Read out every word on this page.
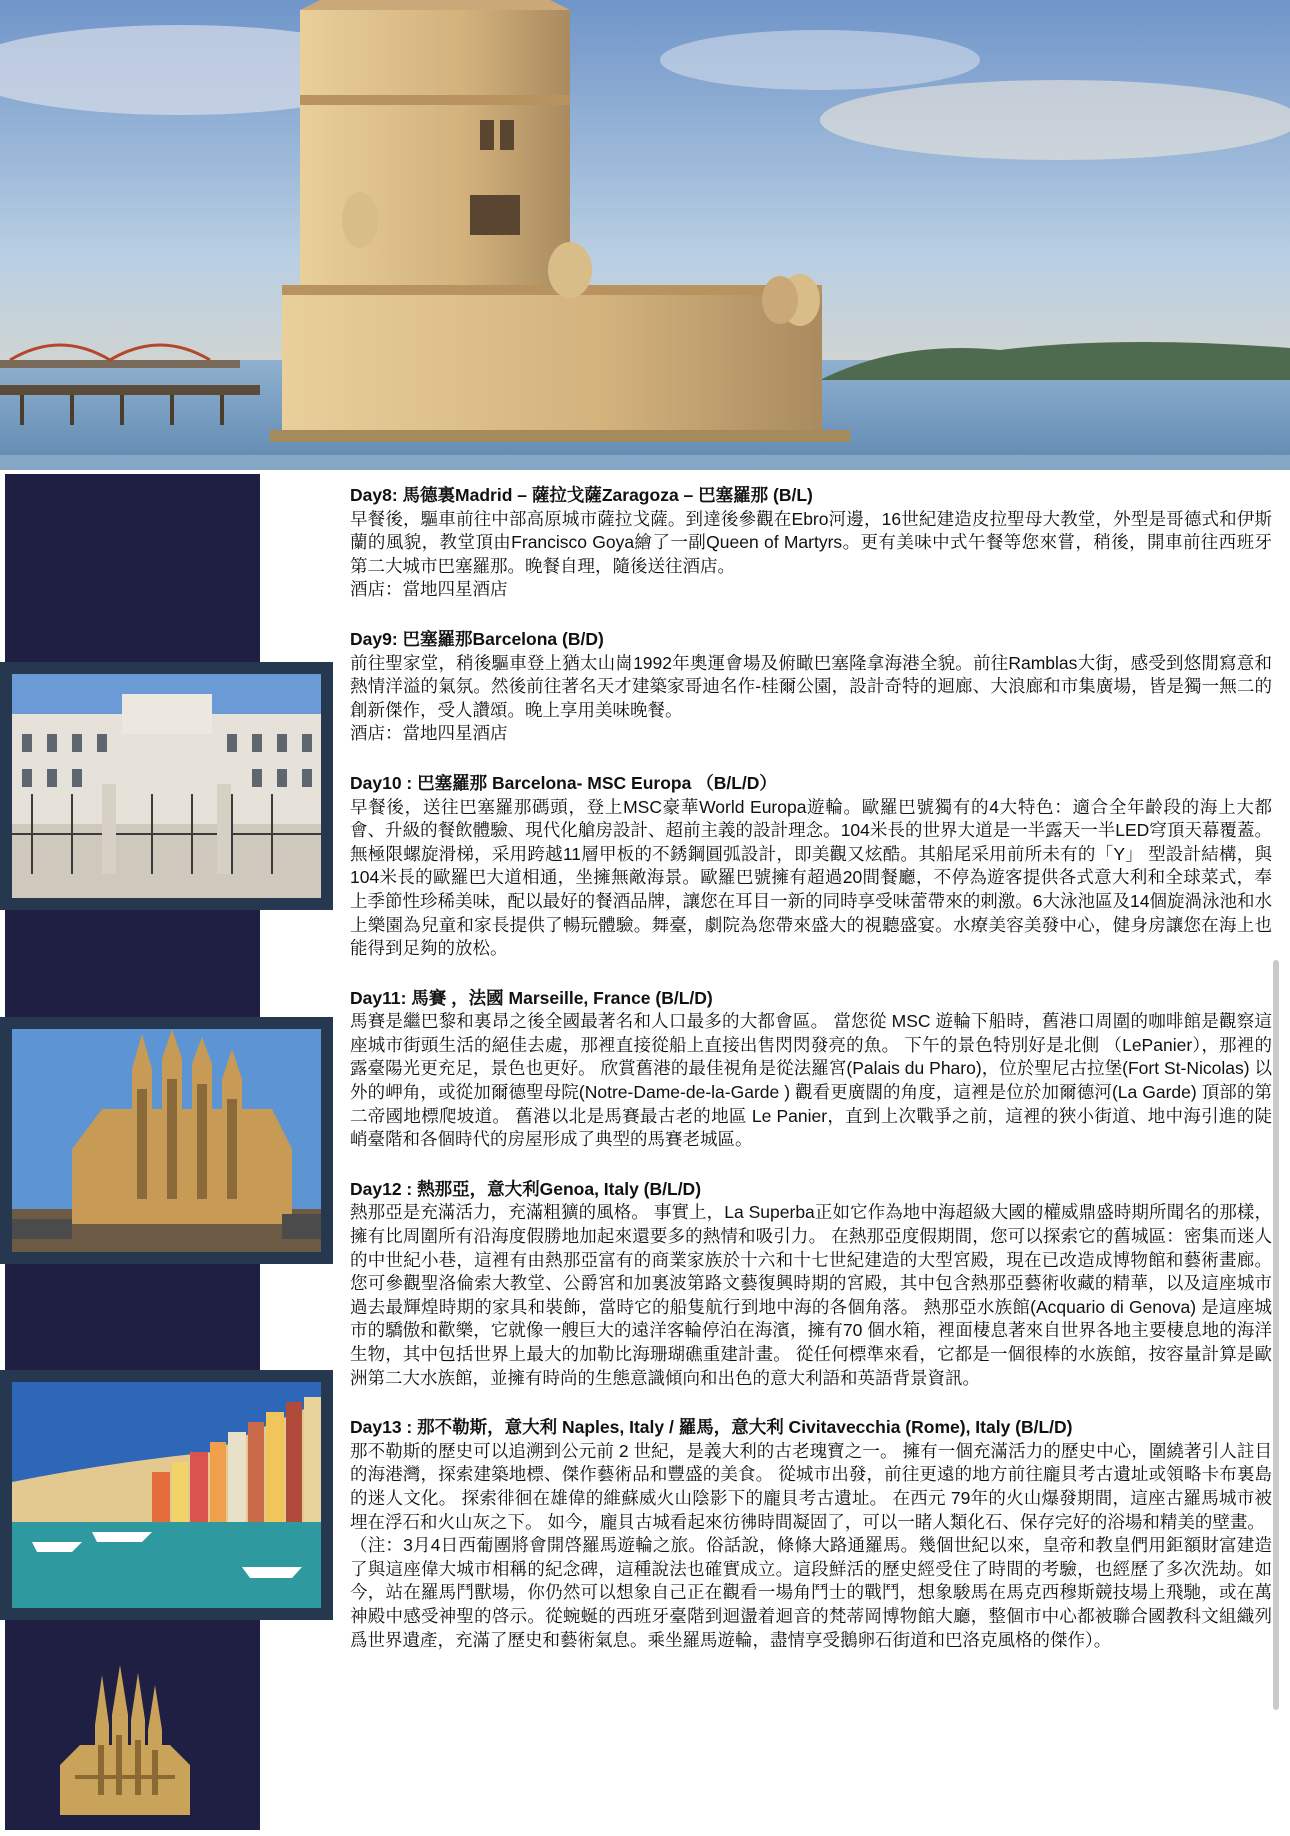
Day8: 馬德裏Madrid – 薩拉戈薩Zaragoza – 巴塞羅那 (B/L)

早餐後，驅車前往中部高原城市薩拉戈薩。到達後參觀在Ebro河邊，16世紀建造皮拉聖母大教堂，外型是哥德式和伊斯蘭的風貌，教堂頂由Francisco Goya繪了一副Queen of Martyrs。更有美味中式午餐等您來嘗，稍後，開車前往西班牙第二大城市巴塞羅那。晚餐自理，隨後送往酒店。

酒店：當地四星酒店

Day9: 巴塞羅那Barcelona (B/D)

前往聖家堂，稍後驅車登上猶太山崗1992年奧運會場及俯瞰巴塞隆拿海港全貌。前往Ramblas大街，感受到悠閒寫意和熱情洋溢的氣氛。然後前往著名天才建築家哥迪名作-桂爾公園，設計奇特的迴廊、大浪廊和市集廣場，皆是獨一無二的創新傑作，受人讚頌。晚上享用美味晚餐。

酒店：當地四星酒店

Day10 : 巴塞羅那 Barcelona- MSC Europa （B/L/D）

早餐後，送往巴塞羅那碼頭，登上MSC豪華World Europa遊輪。歐羅巴號獨有的4大特色：適合全年齡段的海上大都會、升級的餐飲體驗、現代化艙房設計、超前主義的設計理念。104米長的世界大道是一半露天一半LED穹頂天幕覆蓋。無極限螺旋滑梯，采用跨越11層甲板的不銹鋼圓弧設計，即美觀又炫酷。其船尾采用前所未有的「Y」 型設計結構，與104米長的歐羅巴大道相通，坐擁無敵海景。歐羅巴號擁有超過20間餐廳，不停為遊客提供各式意大利和全球菜式，奉上季節性珍稀美味，配以最好的餐酒品牌，讓您在耳目一新的同時享受味蕾帶來的刺激。6大泳池區及14個旋渦泳池和水上樂園為兒童和家長提供了暢玩體驗。舞臺，劇院為您帶來盛大的視聽盛宴。水療美容美發中心，健身房讓您在海上也能得到足夠的放松。

Day11: 馬賽 ，法國 Marseille, France (B/L/D)

馬賽是繼巴黎和裏昂之後全國最著名和人口最多的大都會區。 當您從 MSC 遊輪下船時，舊港口周圍的咖啡館是觀察這座城市街頭生活的絕佳去處，那裡直接從船上直接出售閃閃發亮的魚。 下午的景色特別好是北側 （LePanier），那裡的露臺陽光更充足，景色也更好。 欣賞舊港的最佳視角是從法羅宮(Palais du Pharo)，位於聖尼古拉堡(Fort St-Nicolas) 以外的岬角，或從加爾德聖母院(Notre-Dame-de-la-Garde ) 觀看更廣闊的角度，這裡是位於加爾德河(La Garde) 頂部的第二帝國地標爬坡道。 舊港以北是馬賽最古老的地區 Le Panier，直到上次戰爭之前，這裡的狹小街道、地中海引進的陡峭臺階和各個時代的房屋形成了典型的馬賽老城區。

Day12 : 熱那亞，意大利Genoa, Italy (B/L/D)

熱那亞是充滿活力，充滿粗獷的風格。 事實上，La Superba正如它作為地中海超級大國的權威鼎盛時期所聞名的那樣，擁有比周圍所有沿海度假勝地加起來還要多的熱情和吸引力。 在熱那亞度假期間，您可以探索它的舊城區：密集而迷人的中世紀小巷，這裡有由熱那亞富有的商業家族於十六和十七世紀建造的大型宮殿，現在已改造成博物館和藝術畫廊。 您可參觀聖洛倫索大教堂、公爵宮和加裏波第路文藝復興時期的宮殿，其中包含熱那亞藝術收藏的精華，以及這座城市過去最輝煌時期的家具和裝飾，當時它的船隻航行到地中海的各個角落。 熱那亞水族館(Acquario di Genova) 是這座城市的驕傲和歡樂，它就像一艘巨大的遠洋客輪停泊在海濱，擁有70 個水箱，裡面棲息著來自世界各地主要棲息地的海洋生物，其中包括世界上最大的加勒比海珊瑚礁重建計畫。 從任何標準來看，它都是一個很棒的水族館，按容量計算是歐洲第二大水族館，並擁有時尚的生態意識傾向和出色的意大利語和英語背景資訊。

Day13 : 那不勒斯，意大利 Naples, Italy / 羅馬，意大利 Civitavecchia (Rome), Italy (B/L/D)

那不勒斯的歷史可以追溯到公元前 2 世紀，是義大利的古老瑰寶之一。 擁有一個充滿活力的歷史中心，圍繞著引人註目的海港灣，探索建築地標、傑作藝術品和豐盛的美食。 從城市出發，前往更遠的地方前往龐貝考古遺址或領略卡布裏島的迷人文化。 探索徘徊在雄偉的維蘇威火山陰影下的龐貝考古遺址。 在西元 79年的火山爆發期間，這座古羅馬城市被埋在浮石和火山灰之下。 如今，龐貝古城看起來彷彿時間凝固了，可以一睹人類化石、保存完好的浴場和精美的壁畫。

（注：3月4日西葡團將會開啓羅馬遊輪之旅。俗話說，條條大路通羅馬。幾個世紀以來，皇帝和教皇們用鉅額財富建造了與這座偉大城市相稱的紀念碑，這種說法也確實成立。這段鮮活的歷史經受住了時間的考驗，也經歷了多次洗劫。如今，站在羅馬鬥獸場，你仍然可以想象自己正在觀看一場角鬥士的戰鬥，想象駿馬在馬克西穆斯競技場上飛馳，或在萬神殿中感受神聖的啓示。從蜿蜒的西班牙臺階到迴盪着迴音的梵蒂岡博物館大廳，整個市中心都被聯合國教科文組織列爲世界遺產，充滿了歷史和藝術氣息。乘坐羅馬遊輪，盡情享受鵝卵石街道和巴洛克風格的傑作）。
